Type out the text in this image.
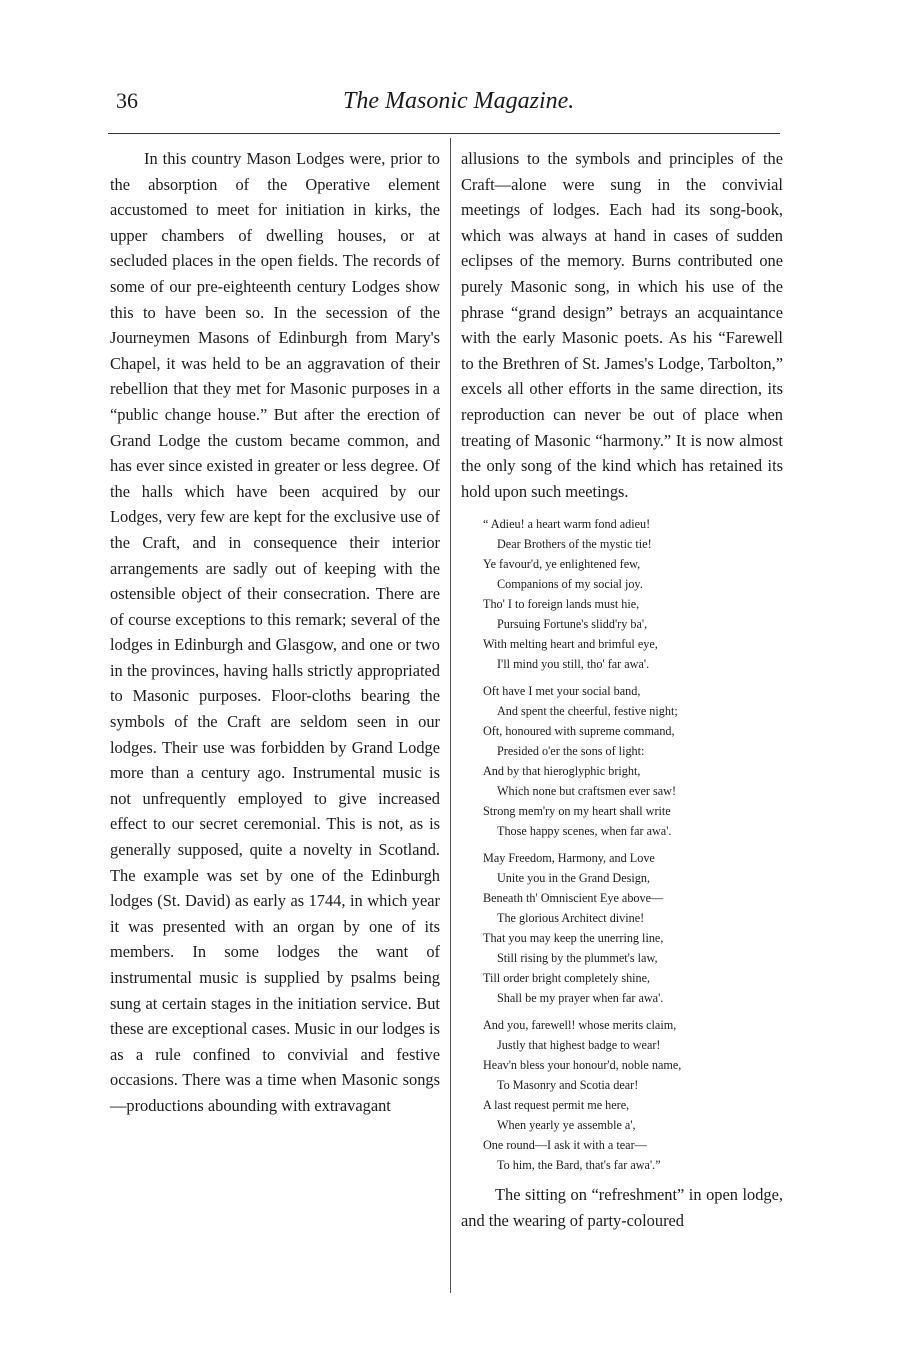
36	The Masonic Magazine.

In this country Mason Lodges were, prior to the absorption of the Operative element accustomed to meet for initiation in kirks, the upper chambers of dwelling houses, or at secluded places in the open fields. The records of some of our pre-eighteenth century Lodges show this to have been so. In the secession of the Journeymen Masons of Edinburgh from Mary's Chapel, it was held to be an aggravation of their rebellion that they met for Masonic purposes in a “public change house.” But after the erection of Grand Lodge the custom became common, and has ever since existed in greater or less degree. Of the halls which have been acquired by our Lodges, very few are kept for the exclusive use of the Craft, and in consequence their interior arrangements are sadly out of keeping with the ostensible object of their consecration. There are of course exceptions to this remark; several of the lodges in Edinburgh and Glasgow, and one or two in the provinces, having halls strictly appropriated to Masonic purposes. Floor-cloths bearing the symbols of the Craft are seldom seen in our lodges. Their use was forbidden by Grand Lodge more than a century ago. Instrumental music is not unfrequently employed to give increased effect to our secret ceremonial. This is not, as is generally supposed, quite a novelty in Scotland. The example was set by one of the Edinburgh lodges (St. David) as early as 1744, in which year it was presented with an organ by one of its members. In some lodges the want of instrumental music is supplied by psalms being sung at certain stages in the initiation service. But these are exceptional cases. Music in our lodges is as a rule confined to convivial and festive occasions. There was a time when Masonic songs—productions abounding with extravagant

allusions to the symbols and principles of the Craft—alone were sung in the convivial meetings of lodges. Each had its song-book, which was always at hand in cases of sudden eclipses of the memory. Burns contributed one purely Masonic song, in which his use of the phrase “grand design” betrays an acquaintance with the early Masonic poets. As his “Farewell to the Brethren of St. James's Lodge, Tarbolton,” excels all other efforts in the same direction, its reproduction can never be out of place when treating of Masonic “harmony.” It is now almost the only song of the kind which has retained its hold upon such meetings.

“ Adieu! a heart warm fond adieu!
Dear Brothers of the mystic tie!
Ye favour'd, ye enlightened few,
Companions of my social joy.
Tho' I to foreign lands must hie,
Pursuing Fortune's slidd'ry ba',
With melting heart and brimful eye,
I'll mind you still, tho' far awa'.
Oft have I met your social band,
And spent the cheerful, festive night;
Oft, honoured with supreme command,
Presided o'er the sons of light:
And by that hieroglyphic bright,
Which none but craftsmen ever saw!
Strong mem'ry on my heart shall write
Those happy scenes, when far awa'.
May Freedom, Harmony, and Love
Unite you in the Grand Design,
Beneath th' Omniscient Eye above—
The glorious Architect divine!
That you may keep the unerring line,
Still rising by the plummet's law,
Till order bright completely shine,
Shall be my prayer when far awa'.
And you, farewell! whose merits claim,
Justly that highest badge to wear!
Heav'n bless your honour'd, noble name,
To Masonry and Scotia dear!
A last request permit me here,
When yearly ye assemble a',
One round—I ask it with a tear—
To him, the Bard, that's far awa'.”

The sitting on “refreshment” in open lodge, and the wearing of party-coloured
